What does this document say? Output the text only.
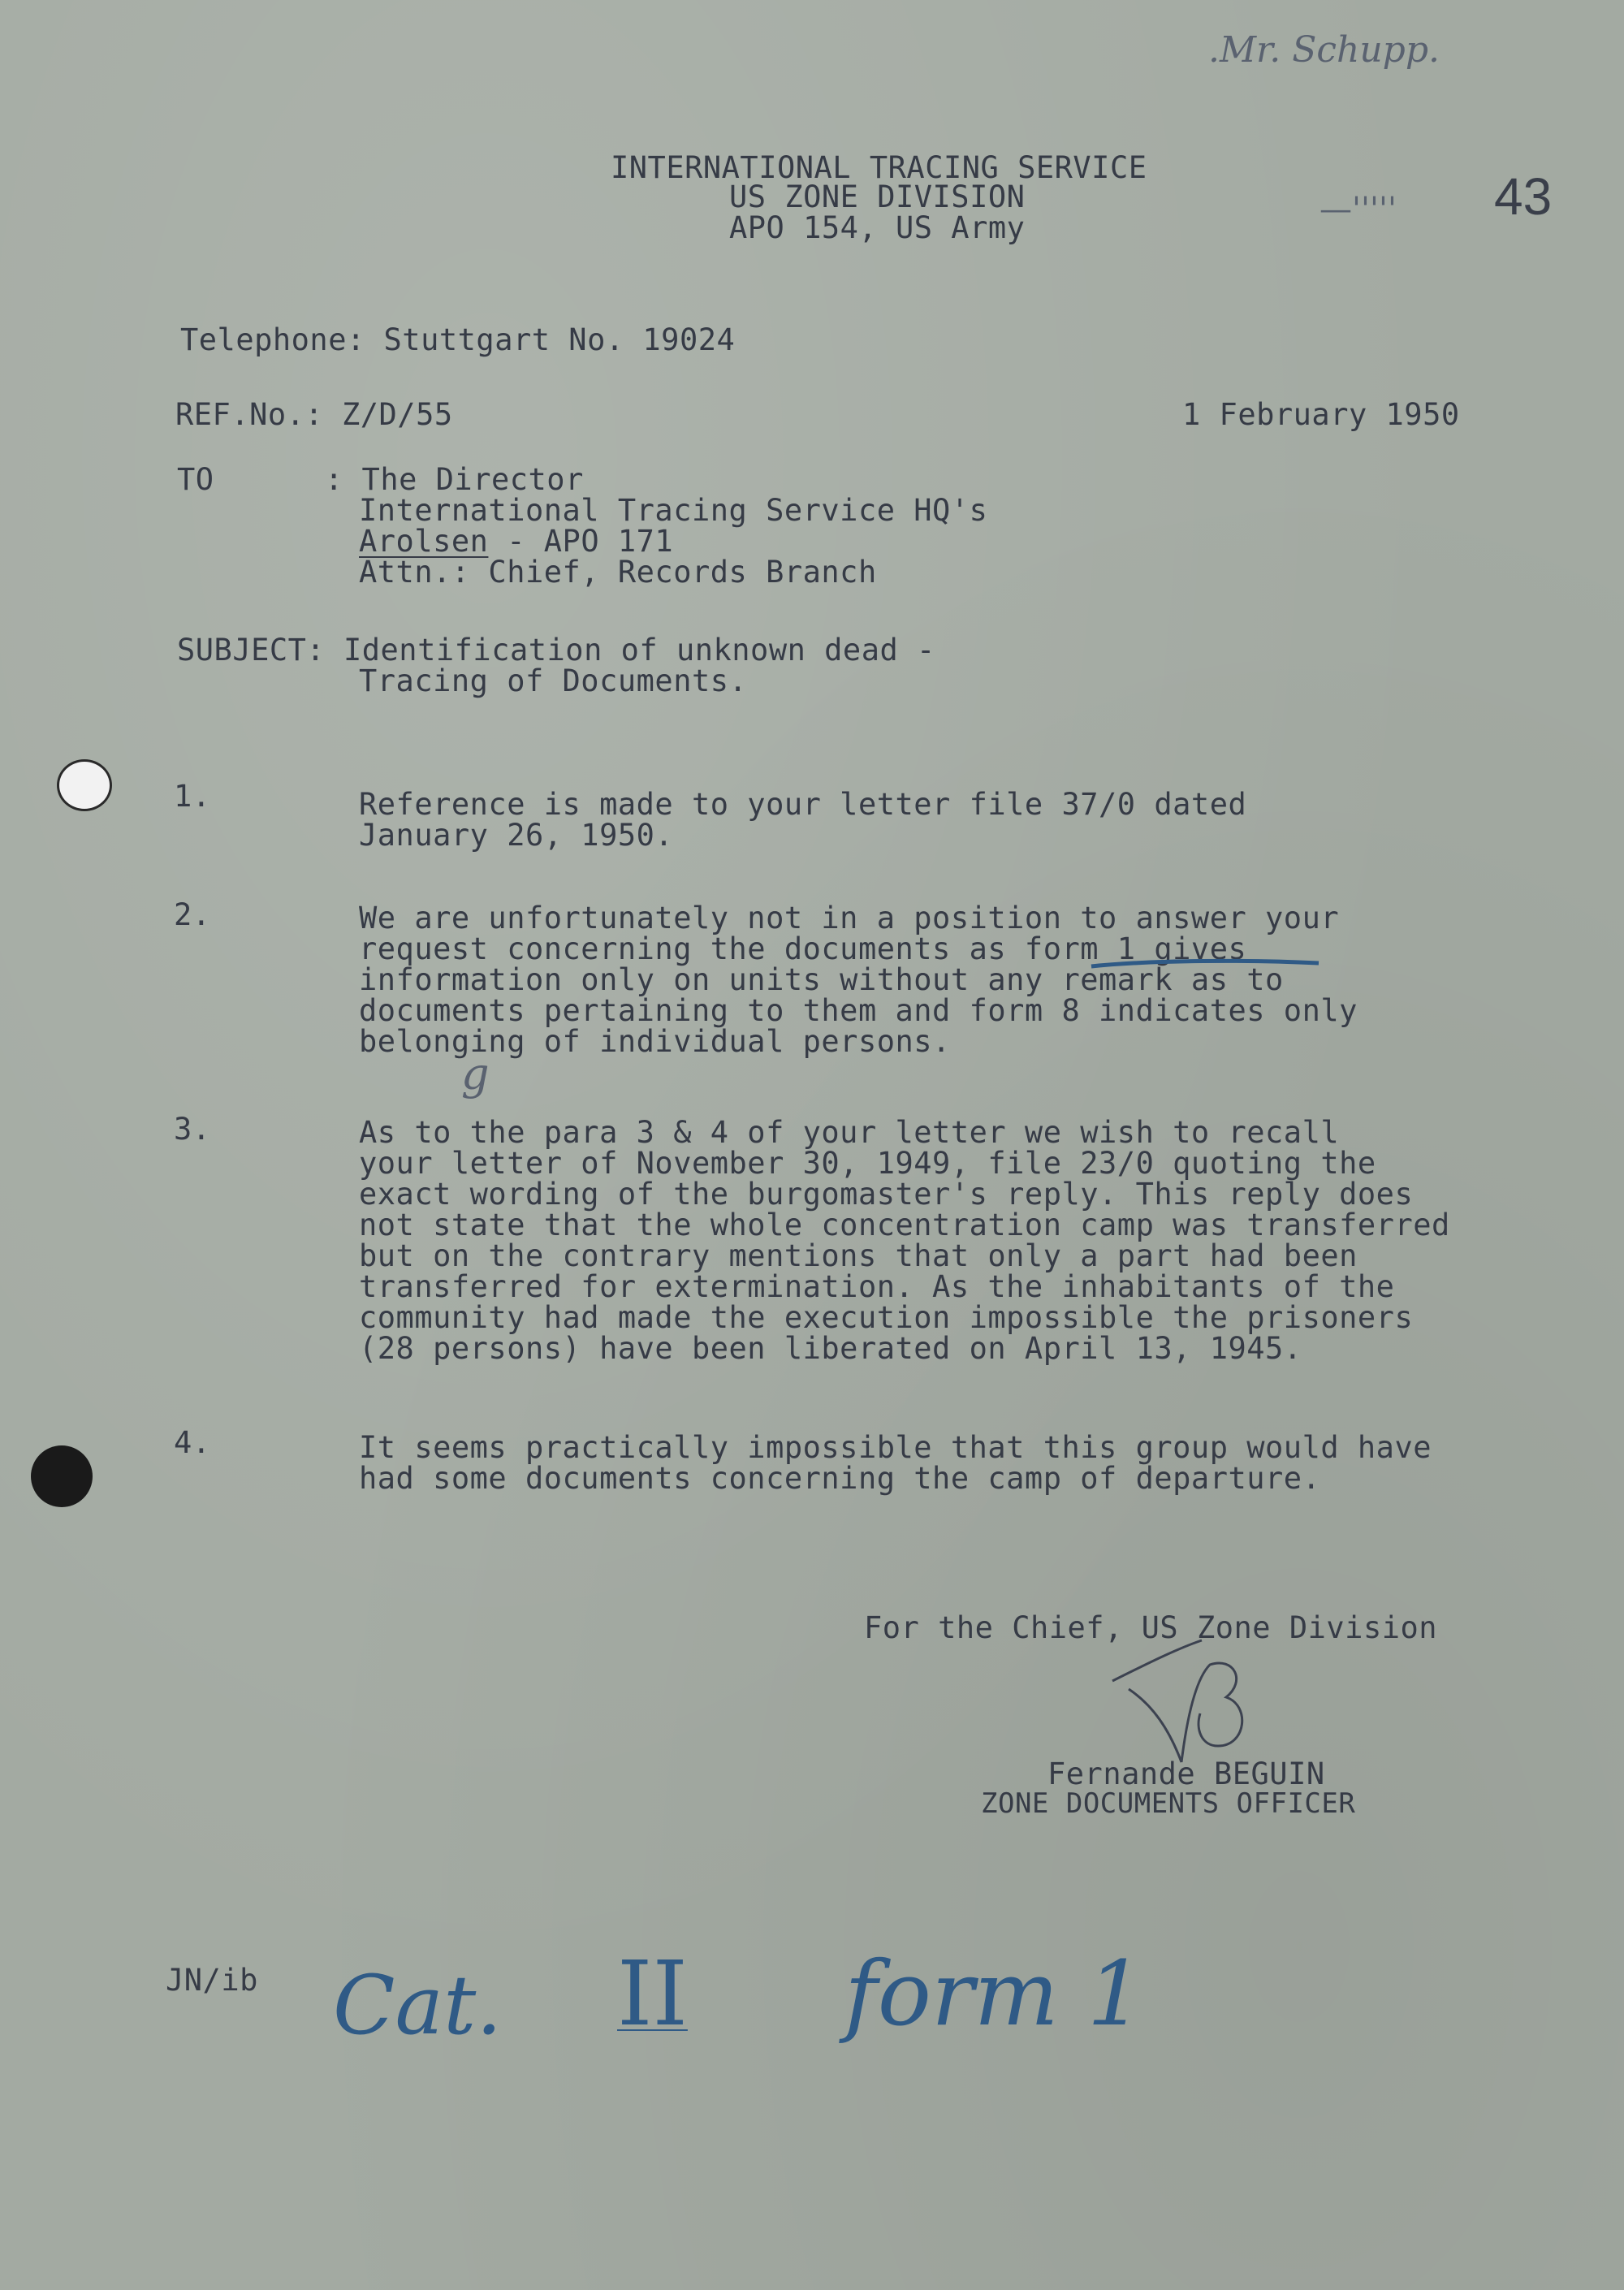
.Mr. Schupp.
—''''' 43
INTERNATIONAL TRACING SERVICE
US ZONE DIVISION
APO 154, US Army
Telephone: Stuttgart No. 19024
REF.No.: Z/D/55	1 February 1950
TO	: The Director
International Tracing Service HQ's
Arolsen - APO 171
Attn.: Chief, Records Branch
SUBJECT: Identification of unknown dead -
Tracing of Documents.
1.	Reference is made to your letter file 37/0 dated
January 26, 1950.
2.	We are unfortunately not in a position to answer your
request concerning the documents as form 1 gives
information only on units without any remark as to
documents pertaining to them and form 8 indicates only
belonging of individual persons.
g
3.	As to the para 3 & 4 of your letter we wish to recall
your letter of November 30, 1949, file 23/0 quoting the
exact wording of the burgomaster's reply. This reply does
not state that the whole concentration camp was transferred
but on the contrary mentions that only a part had been
transferred for extermination. As the inhabitants of the
community had made the execution impossible the prisoners
(28 persons) have been liberated on April 13, 1945.
4.	It seems practically impossible that this group would have
had some documents concerning the camp of departure.
For the Chief, US Zone Division
Fernande BEGUIN
ZONE DOCUMENTS OFFICER
JN/ib Cat. II form 1
